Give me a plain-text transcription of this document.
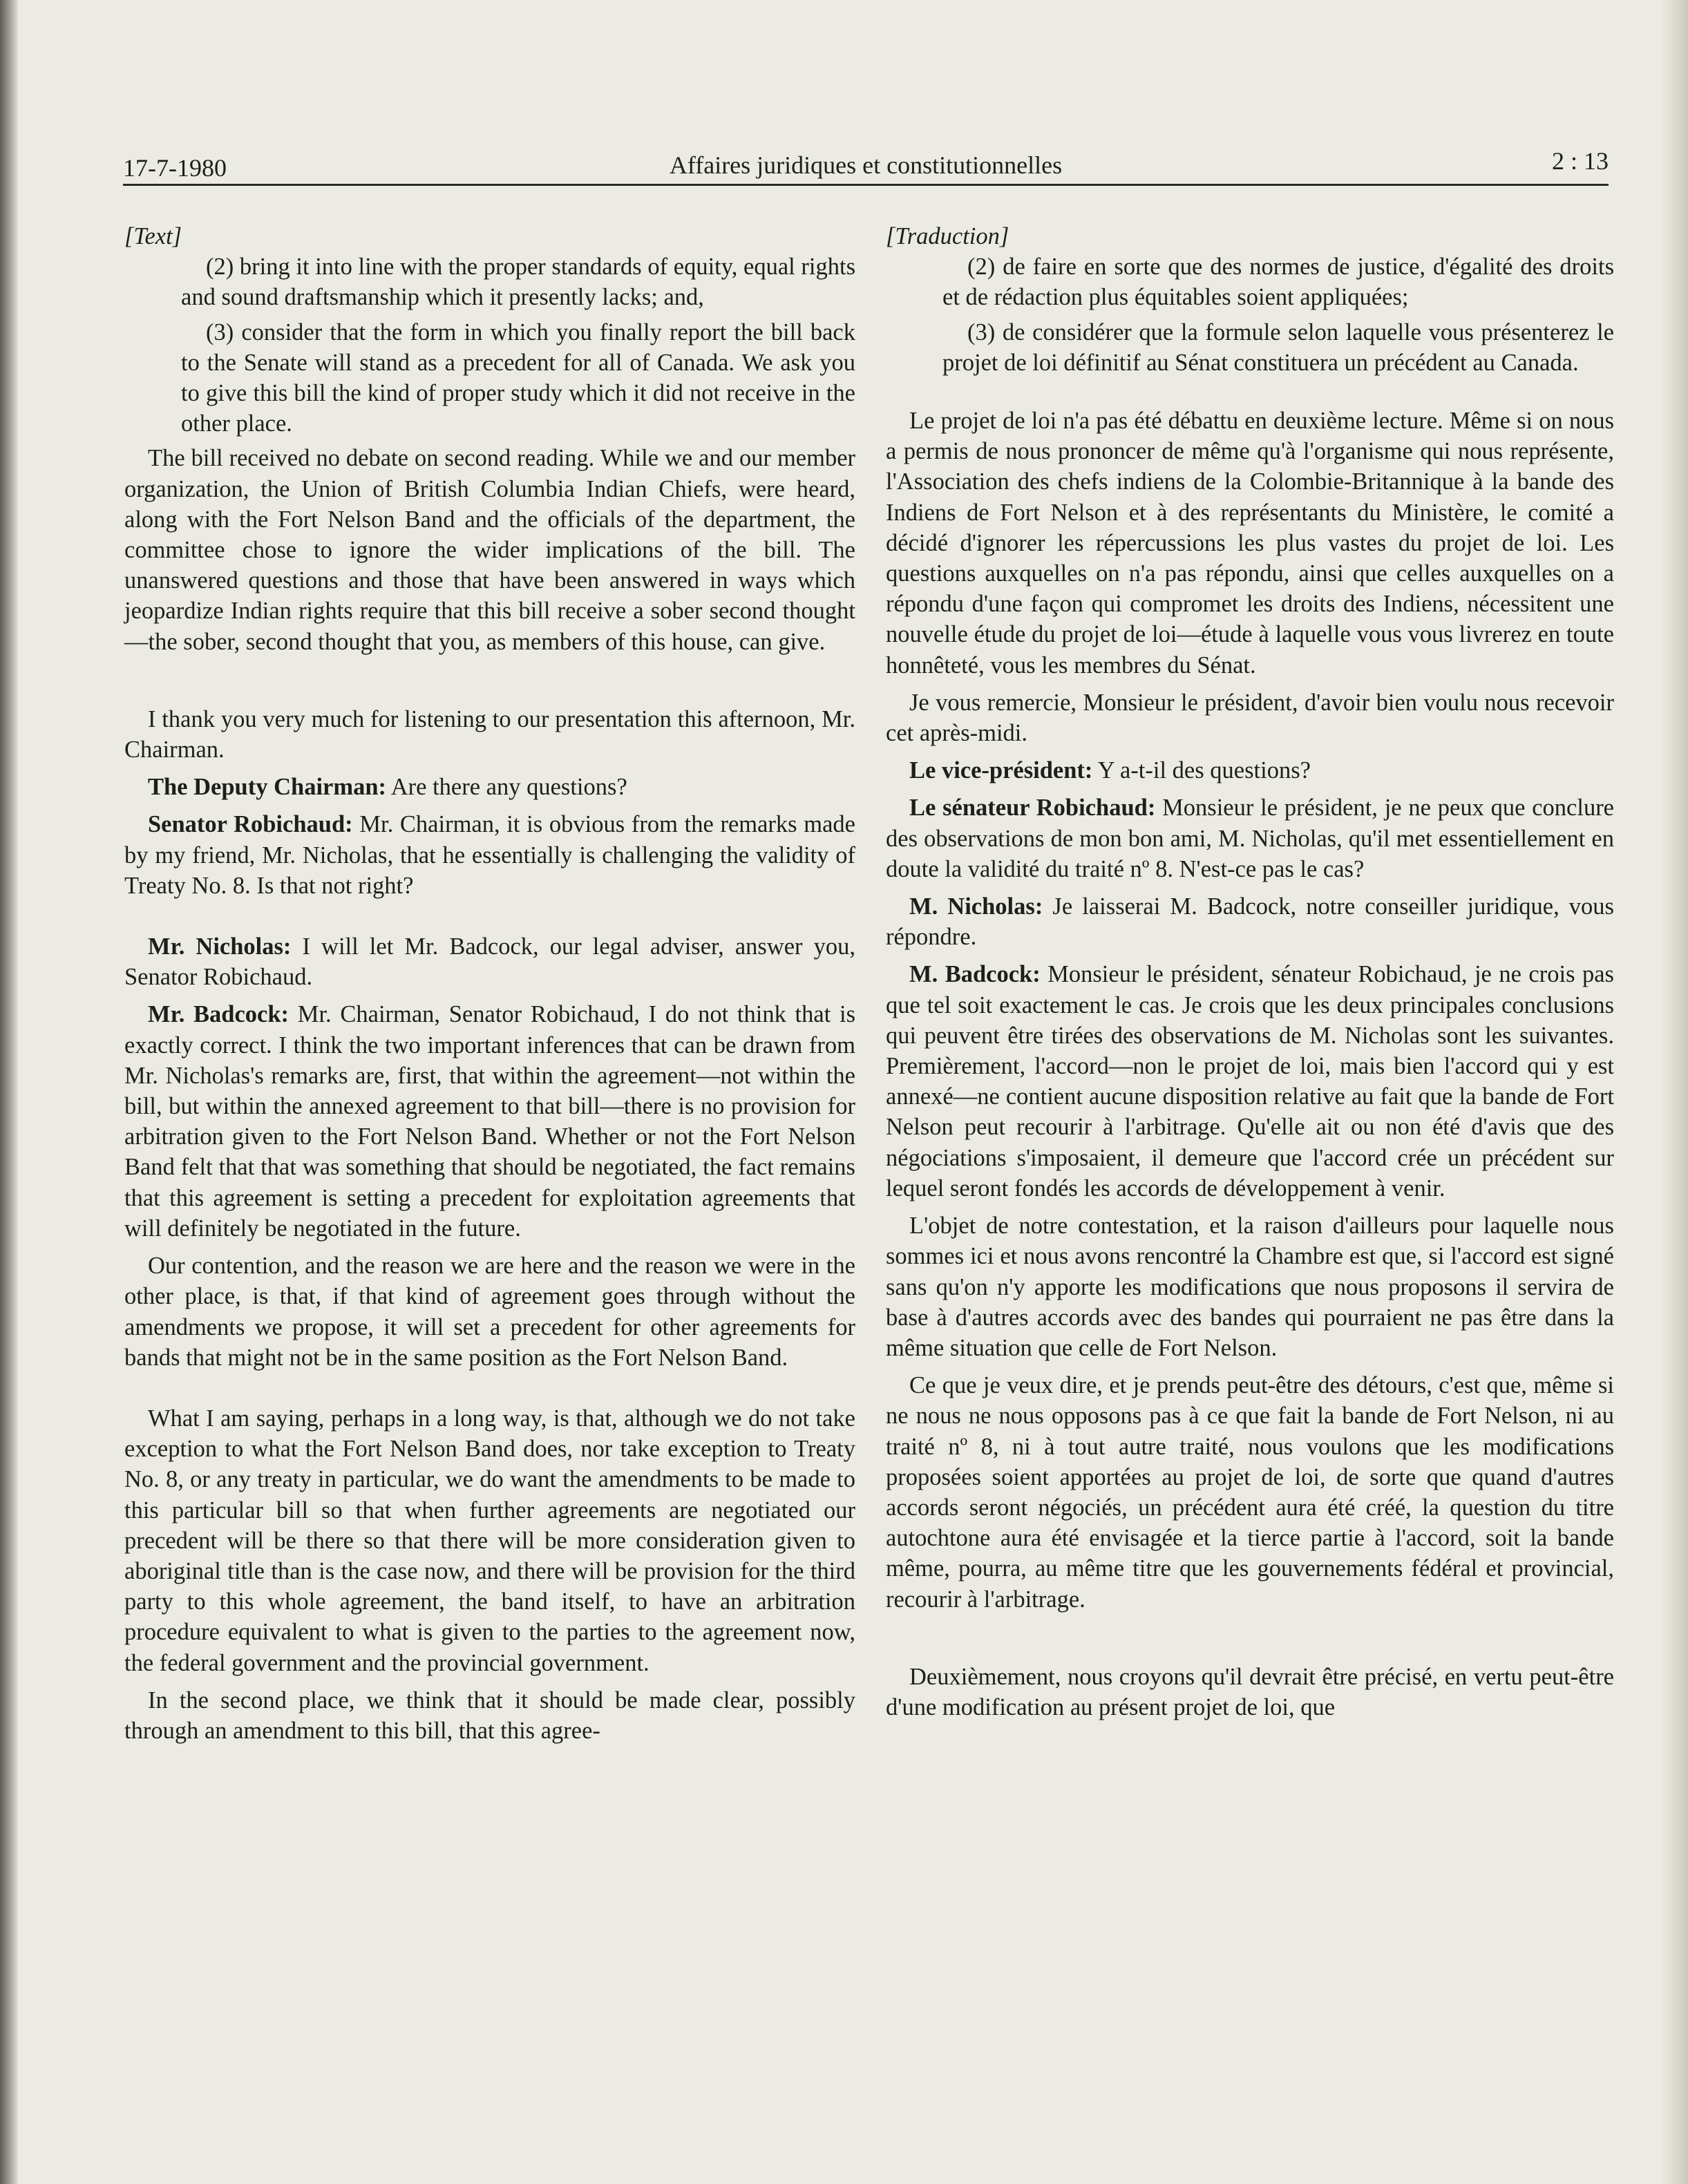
17-7-1980	Affaires juridiques et constitutionnelles	2 : 13

[Text]

(2) bring it into line with the proper standards of equity, equal rights and sound draftsmanship which it presently lacks; and,

(3) consider that the form in which you finally report the bill back to the Senate will stand as a precedent for all of Canada. We ask you to give this bill the kind of proper study which it did not receive in the other place.

The bill received no debate on second reading. While we and our member organization, the Union of British Columbia Indian Chiefs, were heard, along with the Fort Nelson Band and the officials of the department, the committee chose to ignore the wider implications of the bill. The unanswered questions and those that have been answered in ways which jeopardize Indian rights require that this bill receive a sober second thought—the sober, second thought that you, as members of this house, can give.

I thank you very much for listening to our presentation this afternoon, Mr. Chairman.

The Deputy Chairman: Are there any questions?

Senator Robichaud: Mr. Chairman, it is obvious from the remarks made by my friend, Mr. Nicholas, that he essentially is challenging the validity of Treaty No. 8. Is that not right?

Mr. Nicholas: I will let Mr. Badcock, our legal adviser, answer you, Senator Robichaud.

Mr. Badcock: Mr. Chairman, Senator Robichaud, I do not think that is exactly correct. I think the two important inferences that can be drawn from Mr. Nicholas's remarks are, first, that within the agreement—not within the bill, but within the annexed agreement to that bill—there is no provision for arbitration given to the Fort Nelson Band. Whether or not the Fort Nelson Band felt that that was something that should be negotiated, the fact remains that this agreement is setting a precedent for exploitation agreements that will definitely be negotiated in the future.

Our contention, and the reason we are here and the reason we were in the other place, is that, if that kind of agreement goes through without the amendments we propose, it will set a precedent for other agreements for bands that might not be in the same position as the Fort Nelson Band.

What I am saying, perhaps in a long way, is that, although we do not take exception to what the Fort Nelson Band does, nor take exception to Treaty No. 8, or any treaty in particular, we do want the amendments to be made to this particular bill so that when further agreements are negotiated our precedent will be there so that there will be more consideration given to aboriginal title than is the case now, and there will be provision for the third party to this whole agreement, the band itself, to have an arbitration procedure equivalent to what is given to the parties to the agreement now, the federal government and the provincial government.

In the second place, we think that it should be made clear, possibly through an amendment to this bill, that this agree-

[Traduction]

(2) de faire en sorte que des normes de justice, d'égalité des droits et de rédaction plus équitables soient appliquées;

(3) de considérer que la formule selon laquelle vous présenterez le projet de loi définitif au Sénat constituera un précédent au Canada.

Le projet de loi n'a pas été débattu en deuxième lecture. Même si on nous a permis de nous prononcer de même qu'à l'organisme qui nous représente, l'Association des chefs indiens de la Colombie-Britannique à la bande des Indiens de Fort Nelson et à des représentants du Ministère, le comité a décidé d'ignorer les répercussions les plus vastes du projet de loi. Les questions auxquelles on n'a pas répondu, ainsi que celles auxquelles on a répondu d'une façon qui compromet les droits des Indiens, nécessitent une nouvelle étude du projet de loi—étude à laquelle vous vous livrerez en toute honnêteté, vous les membres du Sénat.

Je vous remercie, Monsieur le président, d'avoir bien voulu nous recevoir cet après-midi.

Le vice-président: Y a-t-il des questions?

Le sénateur Robichaud: Monsieur le président, je ne peux que conclure des observations de mon bon ami, M. Nicholas, qu'il met essentiellement en doute la validité du traité nº 8. N'est-ce pas le cas?

M. Nicholas: Je laisserai M. Badcock, notre conseiller juridique, vous répondre.

M. Badcock: Monsieur le président, sénateur Robichaud, je ne crois pas que tel soit exactement le cas. Je crois que les deux principales conclusions qui peuvent être tirées des observations de M. Nicholas sont les suivantes. Premièrement, l'accord—non le projet de loi, mais bien l'accord qui y est annexé—ne contient aucune disposition relative au fait que la bande de Fort Nelson peut recourir à l'arbitrage. Qu'elle ait ou non été d'avis que des négociations s'imposaient, il demeure que l'accord crée un précédent sur lequel seront fondés les accords de développement à venir.

L'objet de notre contestation, et la raison d'ailleurs pour laquelle nous sommes ici et nous avons rencontré la Chambre est que, si l'accord est signé sans qu'on n'y apporte les modifications que nous proposons il servira de base à d'autres accords avec des bandes qui pourraient ne pas être dans la même situation que celle de Fort Nelson.

Ce que je veux dire, et je prends peut-être des détours, c'est que, même si ne nous ne nous opposons pas à ce que fait la bande de Fort Nelson, ni au traité nº 8, ni à tout autre traité, nous voulons que les modifications proposées soient apportées au projet de loi, de sorte que quand d'autres accords seront négociés, un précédent aura été créé, la question du titre autochtone aura été envisagée et la tierce partie à l'accord, soit la bande même, pourra, au même titre que les gouvernements fédéral et provincial, recourir à l'arbitrage.

Deuxièmement, nous croyons qu'il devrait être précisé, en vertu peut-être d'une modification au présent projet de loi, que
